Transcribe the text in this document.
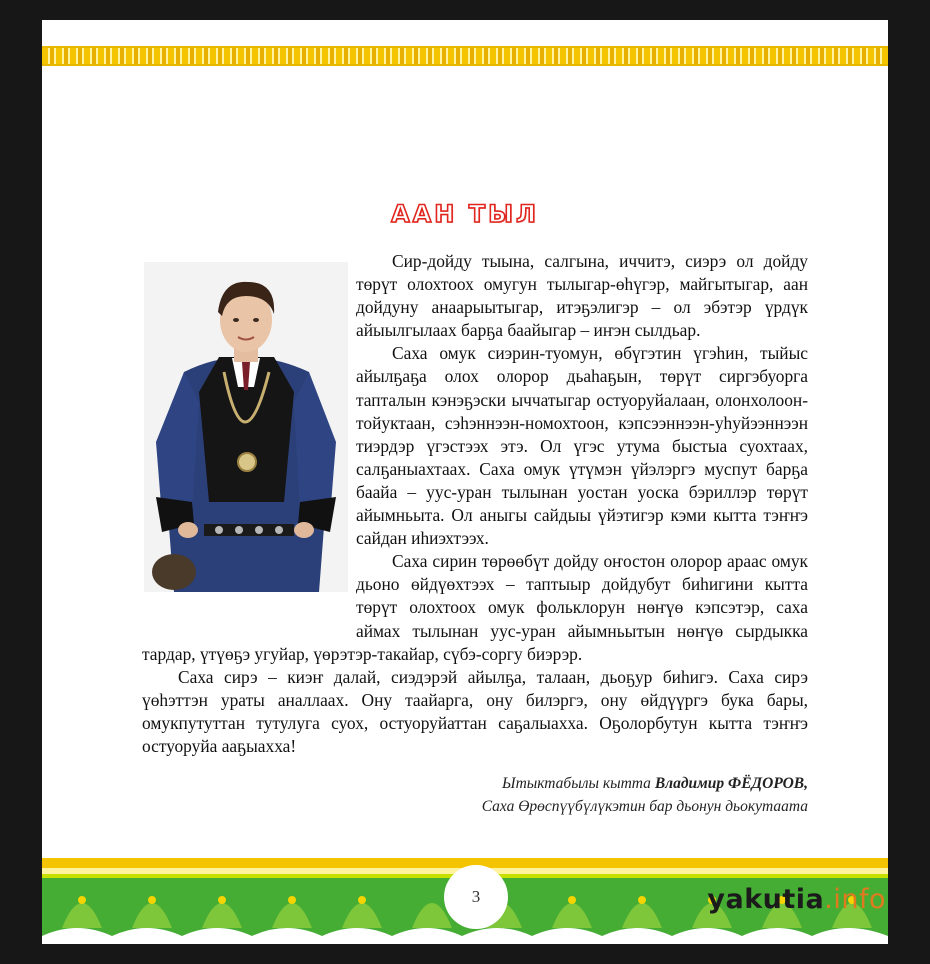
ААН ТЫЛ

Сир-дойду тыына, салгына, иччитэ, сиэрэ ол дойду төрүт олохтоох омугун тылыгар-өһүгэр, майгытыгар, аан дойдуну анаарыытыгар, итэҕэлигэр – ол эбэтэр үрдүк айыылгылаах барҕа баайыгар – иҥэн сылдьар.

Саха омук сиэрин-туомун, өбүгэтин үгэһин, тыйыс айылҕаҕа олох олорор дьаһаҕын, төрүт сиргэбуорга тапталын кэнэҕэски ыччатыгар остуоруйалаан, олонхолоон-тойуктаан, сэһэннээн-номохтоон, кэпсээннээн-уһуйээннээн тиэрдэр үгэстээх этэ. Ол үгэс утума быстыа суохтаах, салҕаныахтаах. Саха омук үтүмэн үйэлэргэ муспут барҕа баайа – уус-уран тылынан уостан уоска бэриллэр төрүт айымньыта. Ол аныгы сайдыы үйэтигэр кэми кытта тэҥҥэ сайдан иһиэхтээх.

Саха сирин төрөөбүт дойду оҥостон олорор араас омук дьоно өйдүөхтээх – таптыыр дойдубут биһигини кытта төрүт олохтоох омук фольклорун нөҥүө кэпсэтэр, саха аймах тылынан уус-уран айымньытын нөҥүө сырдыкка тардар, үтүөҕэ угуйар, үөрэтэр-такайар, сүбэ-соргу биэрэр.

Саха сирэ – киэҥ далай, сиэдэрэй айылҕа, талаан, дьоҕур биһигэ. Саха сирэ үөһэттэн ураты аналлаах. Ону таайарга, ону билэргэ, ону өйдүүргэ бука бары, омукпутуттан тутулуга суох, остуоруйаттан саҕалыахха. Оҕолорбутун кытта тэҥҥэ остуоруйа ааҕыахха!

Ытыктабылы кытта Владимир ФЁДОРОВ,
Саха Өрөспүүбүлүкэтин бар дьонун дьокутаата
3	yakutia.info
